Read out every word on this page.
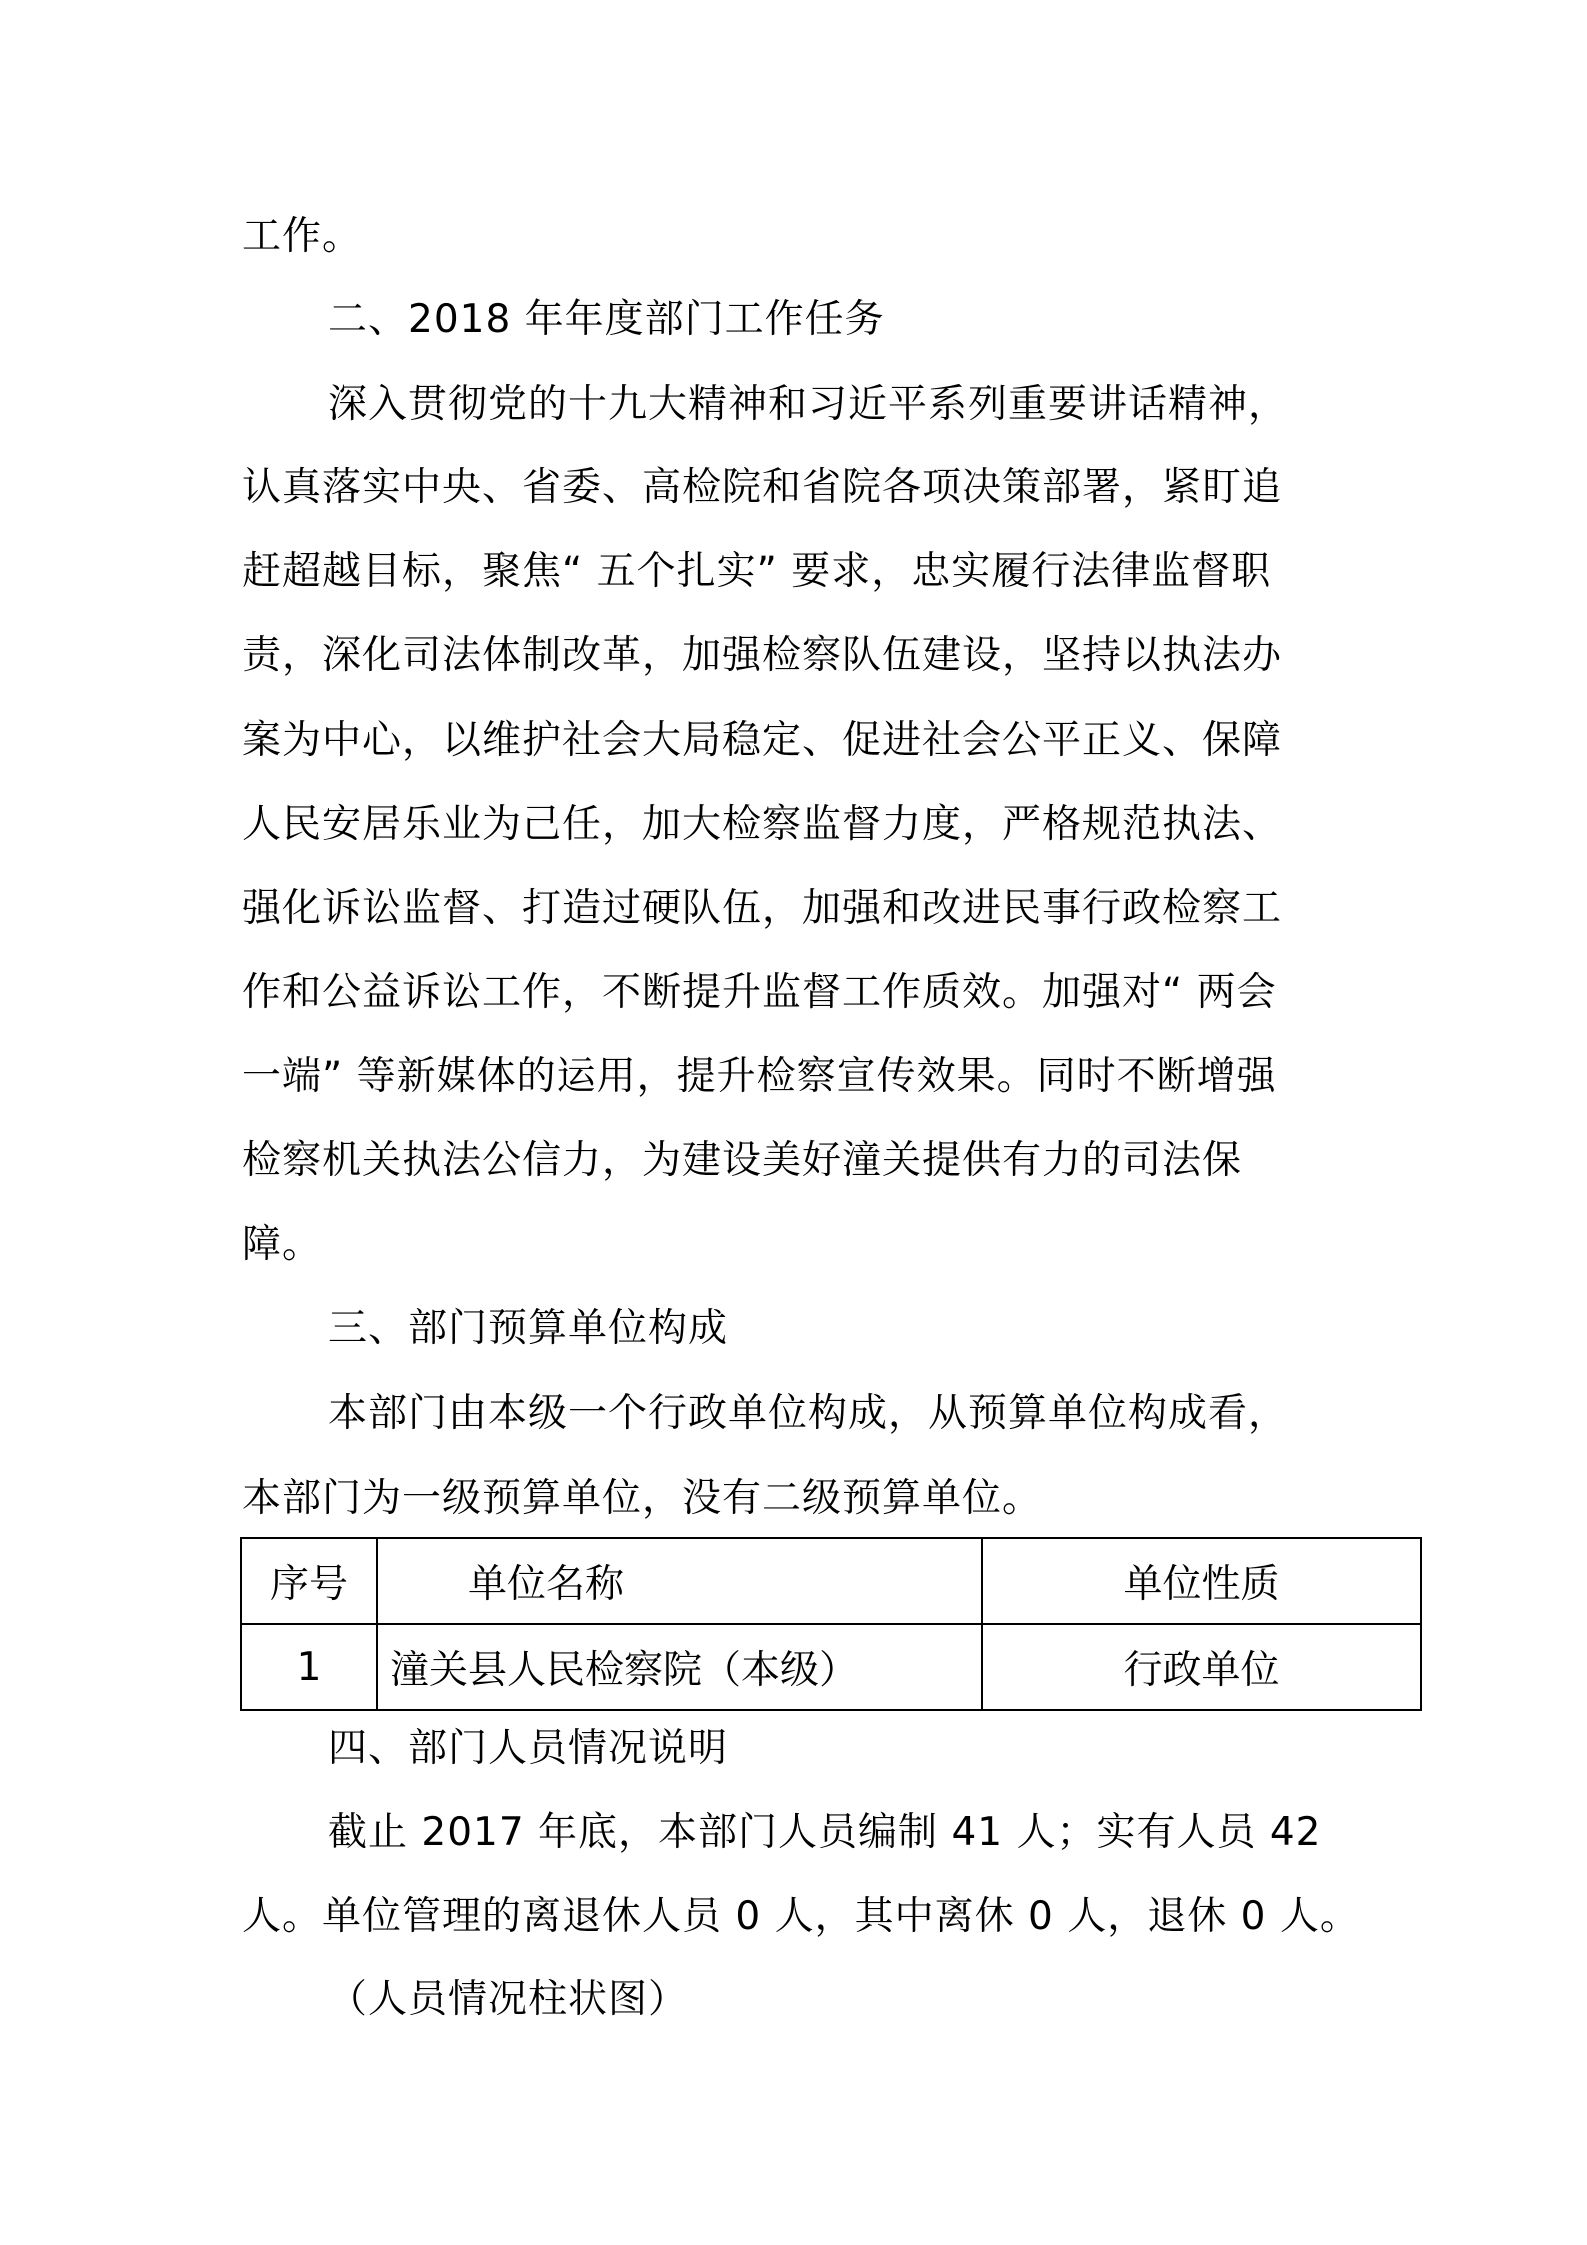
工作。
二、2018 年年度部门工作任务
深入贯彻党的十九大精神和习近平系列重要讲话精神，
认真落实中央、省委、高检院和省院各项决策部署，紧盯追
赶超越目标，聚焦“ 五个扎实” 要求，忠实履行法律监督职
责，深化司法体制改革，加强检察队伍建设，坚持以执法办
案为中心，以维护社会大局稳定、促进社会公平正义、保障
人民安居乐业为己任，加大检察监督力度，严格规范执法、
强化诉讼监督、打造过硬队伍，加强和改进民事行政检察工
作和公益诉讼工作，不断提升监督工作质效。加强对“ 两会
一端” 等新媒体的运用，提升检察宣传效果。同时不断增强
检察机关执法公信力，为建设美好潼关提供有力的司法保
障。
三、部门预算单位构成
本部门由本级一个行政单位构成，从预算单位构成看，
本部门为一级预算单位，没有二级预算单位。
序号	单位名称	单位性质
1	潼关县人民检察院（本级）	行政单位
四、部门人员情况说明
截止 2017 年底，本部门人员编制 41 人；实有人员 42
人。单位管理的离退休人员 0 人，其中离休 0 人，退休 0 人。
（人员情况柱状图）
